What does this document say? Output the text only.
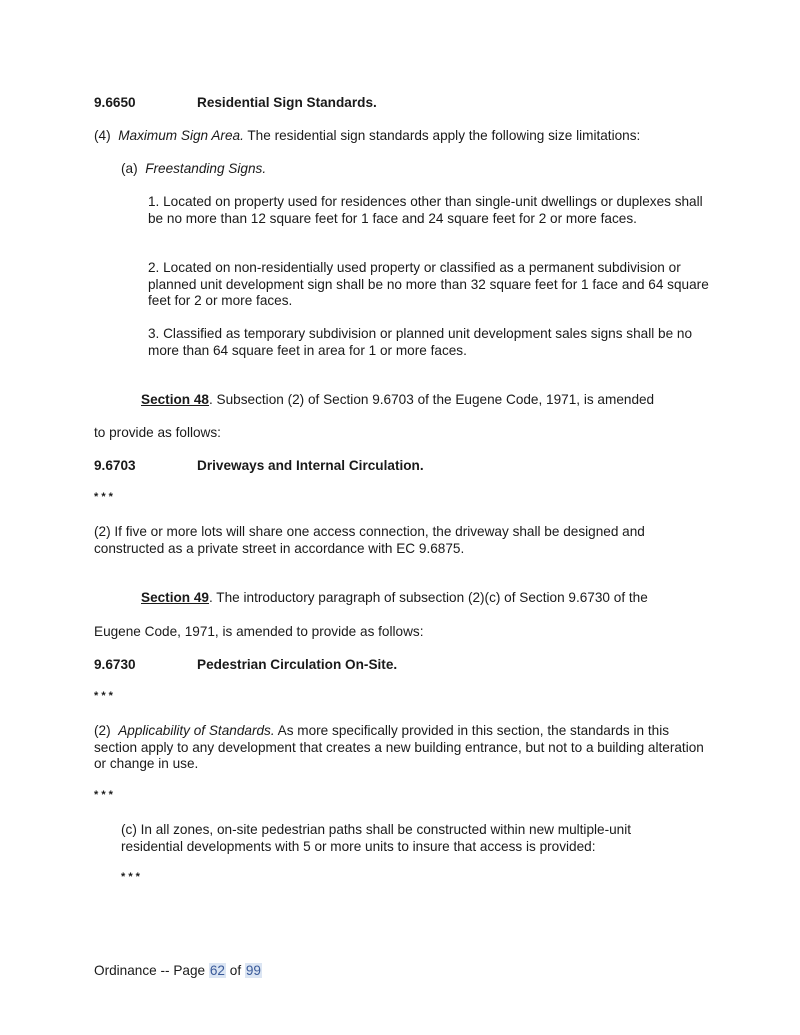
9.6650	Residential Sign Standards.
(4) Maximum Sign Area. The residential sign standards apply the following size limitations:
(a) Freestanding Signs.
1. Located on property used for residences other than single-unit dwellings or duplexes shall be no more than 12 square feet for 1 face and 24 square feet for 2 or more faces.
2. Located on non-residentially used property or classified as a permanent subdivision or planned unit development sign shall be no more than 32 square feet for 1 face and 64 square feet for 2 or more faces.
3. Classified as temporary subdivision or planned unit development sales signs shall be no more than 64 square feet in area for 1 or more faces.
Section 48. Subsection (2) of Section 9.6703 of the Eugene Code, 1971, is amended
to provide as follows:
9.6703	Driveways and Internal Circulation.
* * *
(2) If five or more lots will share one access connection, the driveway shall be designed and constructed as a private street in accordance with EC 9.6875.
Section 49. The introductory paragraph of subsection (2)(c) of Section 9.6730 of the
Eugene Code, 1971, is amended to provide as follows:
9.6730	Pedestrian Circulation On-Site.
* * *
(2) Applicability of Standards. As more specifically provided in this section, the standards in this section apply to any development that creates a new building entrance, but not to a building alteration or change in use.
* * *
(c) In all zones, on-site pedestrian paths shall be constructed within new multiple-unit residential developments with 5 or more units to insure that access is provided:
* * *
Ordinance -- Page 62 of 99
